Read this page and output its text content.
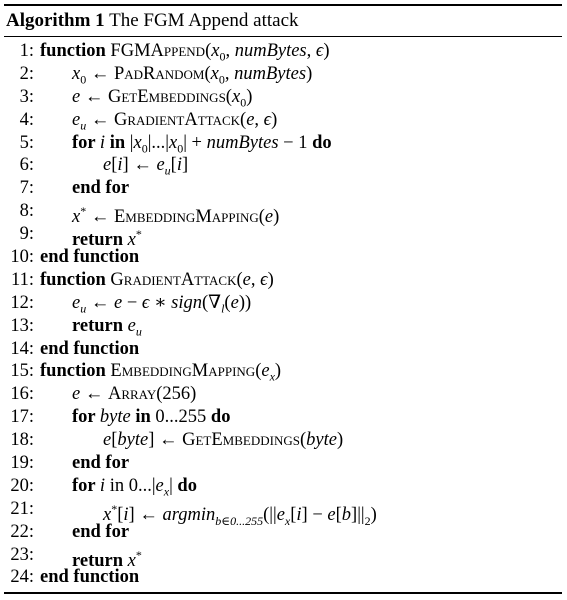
Algorithm 1 The FGM Append attack
1: function $FGMAppend(x_0$, numBytes, ϵ)
2: $x_0$ ← $PadRandom(x_0$, numBytes)
3: e ← $GetEmbeddings(x_0)$
4: $e_u$ ← GradientAttack(e, ϵ)
5: for i in $|x_0|...|x_0|$ + numBytes − 1 do
6:	e[i] ← $e_u[i]$
7: end for
8: x* ← EmbeddingMapping(e)
9: return x*
10: end function
11: function GradientAttack(e, ϵ)
12: $e_u$ ← e − ϵ ∗ $sign(\nabla_l(e))$
13: return $e_u$
14: end function
15: function $EmbeddingMapping(e_x)$
16: e ← Array(256)
17: for byte in 0...255 do
18:	e[byte] ← GetEmbeddings(byte)
19: end for
20: for i in $0...|e_x|$ do
21:	x*[i] ← $argmin_{b\in 0...255}(||e_x[i] - e[b]||_2)$
22: end for
23: return x*
24: end function
